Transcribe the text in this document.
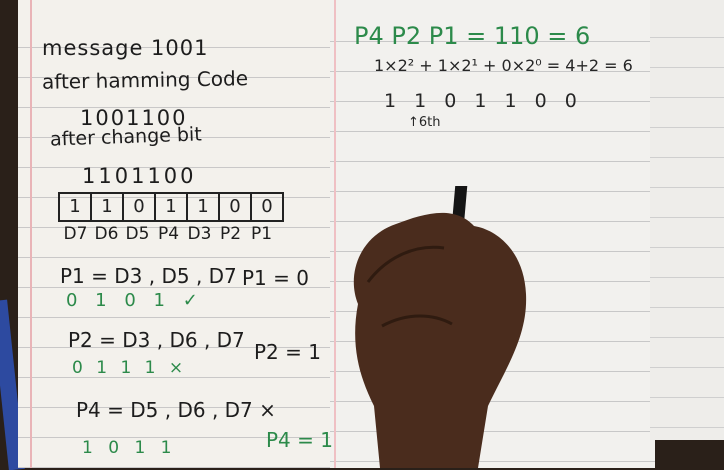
message 1001
after hamming Code
1001100
after change bit
1101100
1	1	0	1	1	0	0
D7 D6 D5 P4 D3 P2 P1
P1 = D3 , D5 , D7 P1 = 0
0 1 0 1 ✓
P2 = D3 , D6 , D7 P2 = 1
0 1 1 1 ×
P4 = D5 , D6 , D7 ×
1 0 1 1	P4 = 1
P4 P2 P1 = 110 = 6
1×2² + 1×2¹ + 0×2⁰ = 4+2 = 6
1 1 0 1 1 0 0
↑6th
